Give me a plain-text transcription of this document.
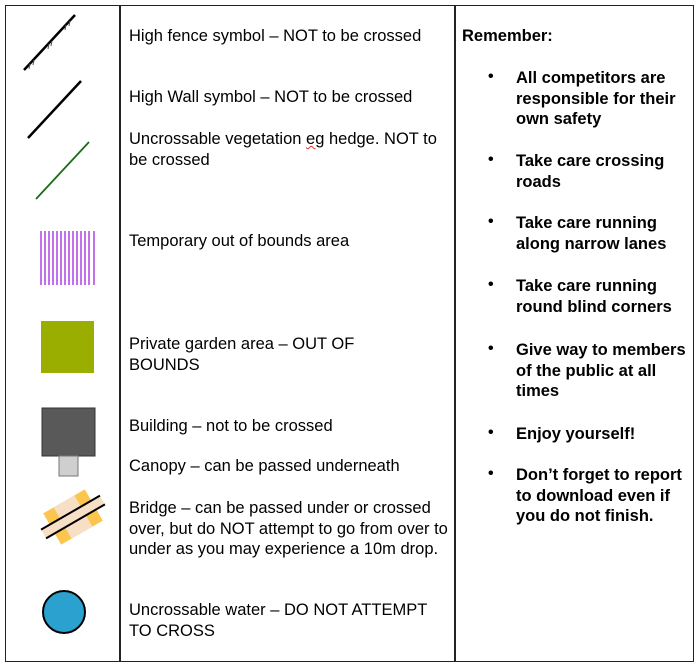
High fence symbol – NOT to be crossed
High Wall symbol – NOT to be crossed
Uncrossable vegetation eg hedge. NOT to be crossed
Temporary out of bounds area
Private garden area – OUT OF BOUNDS
Building – not to be crossed
Canopy – can be passed underneath
Bridge – can be passed under or crossed over, but do NOT attempt to go from over to under as you may experience a 10m drop.
Uncrossable water – DO NOT ATTEMPT TO CROSS
Remember:
• All competitors are responsible for their own safety
• Take care crossing roads
• Take care running along narrow lanes
• Take care running round blind corners
• Give way to members of the public at all times
• Enjoy yourself!
• Don’t forget to report to download even if you do not finish.
